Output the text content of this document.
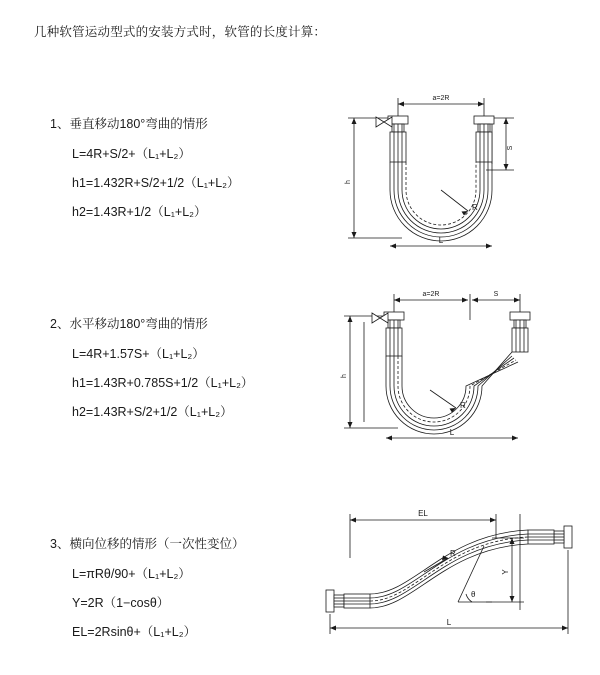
几种软管运动型式的安装方式时，软管的长度计算：

1、垂直移动180°弯曲的情形

L=4R+S/2+（L₁+L₂）

h1=1.432R+S/2+1/2（L₁+L₂）

h2=1.43R+1/2（L₁+L₂）

a=2R
h
S
R
L

2、水平移动180°弯曲的情形

L=4R+1.57S+（L₁+L₂）

h1=1.43R+0.785S+1/2（L₁+L₂）

h2=1.43R+S/2+1/2（L₁+L₂）

a=2R	S
h
R
L

3、横向位移的情形（一次性变位）

L=πRθ/90+（L₁+L₂）

Y=2R（1−cosθ）

EL=2Rsinθ+（L₁+L₂）

EL
Y
θ
R
L
